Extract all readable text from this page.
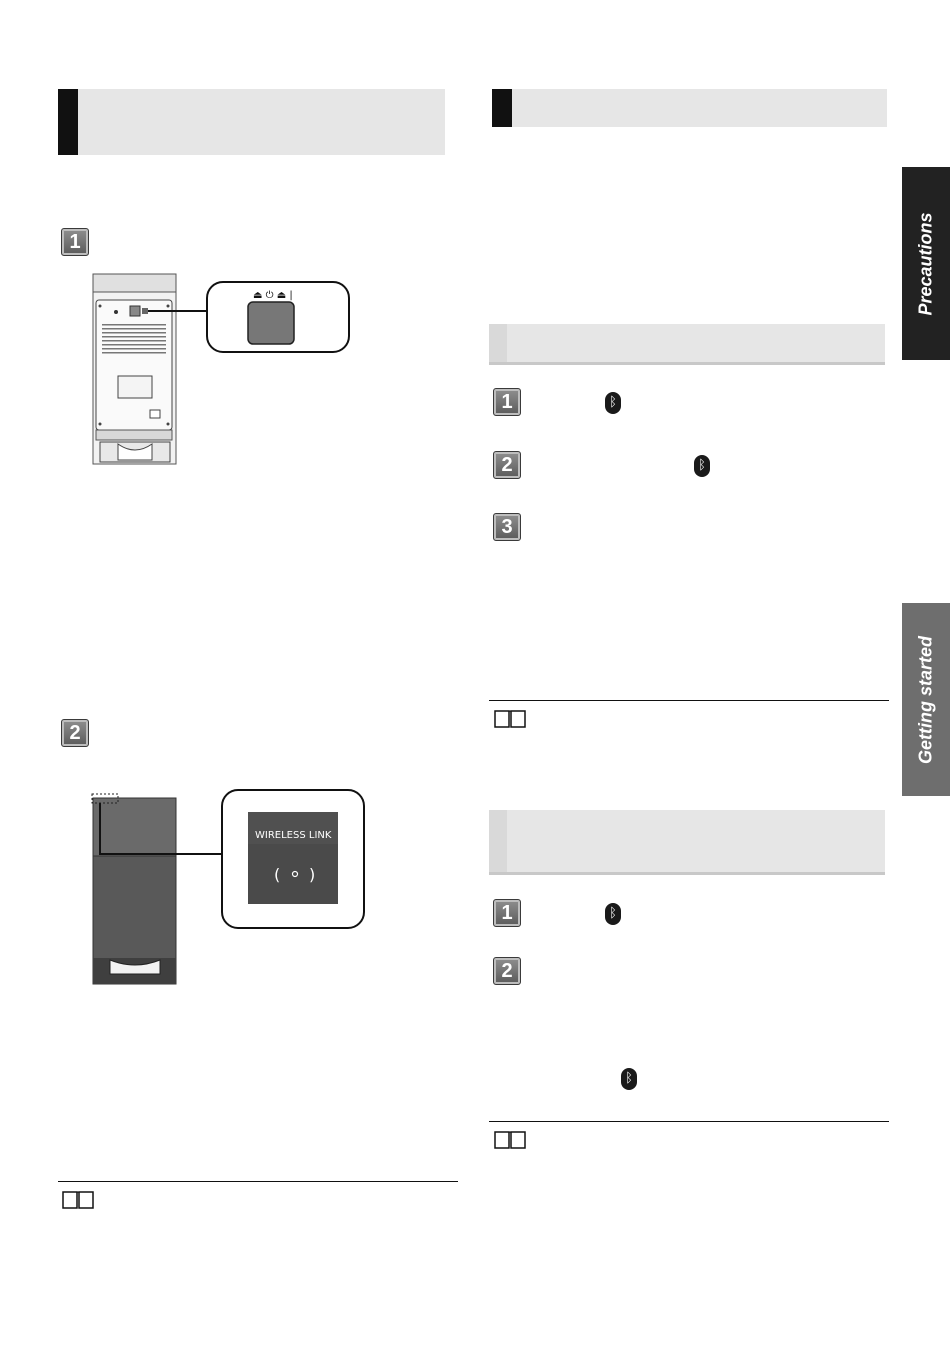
Precautions
Getting started
1
⏏ ⏻ ⏏ |
2
WIRELESS LINK
( )
1	ᛒ
2	ᛒ
3
1	ᛒ
2
ᛒ
